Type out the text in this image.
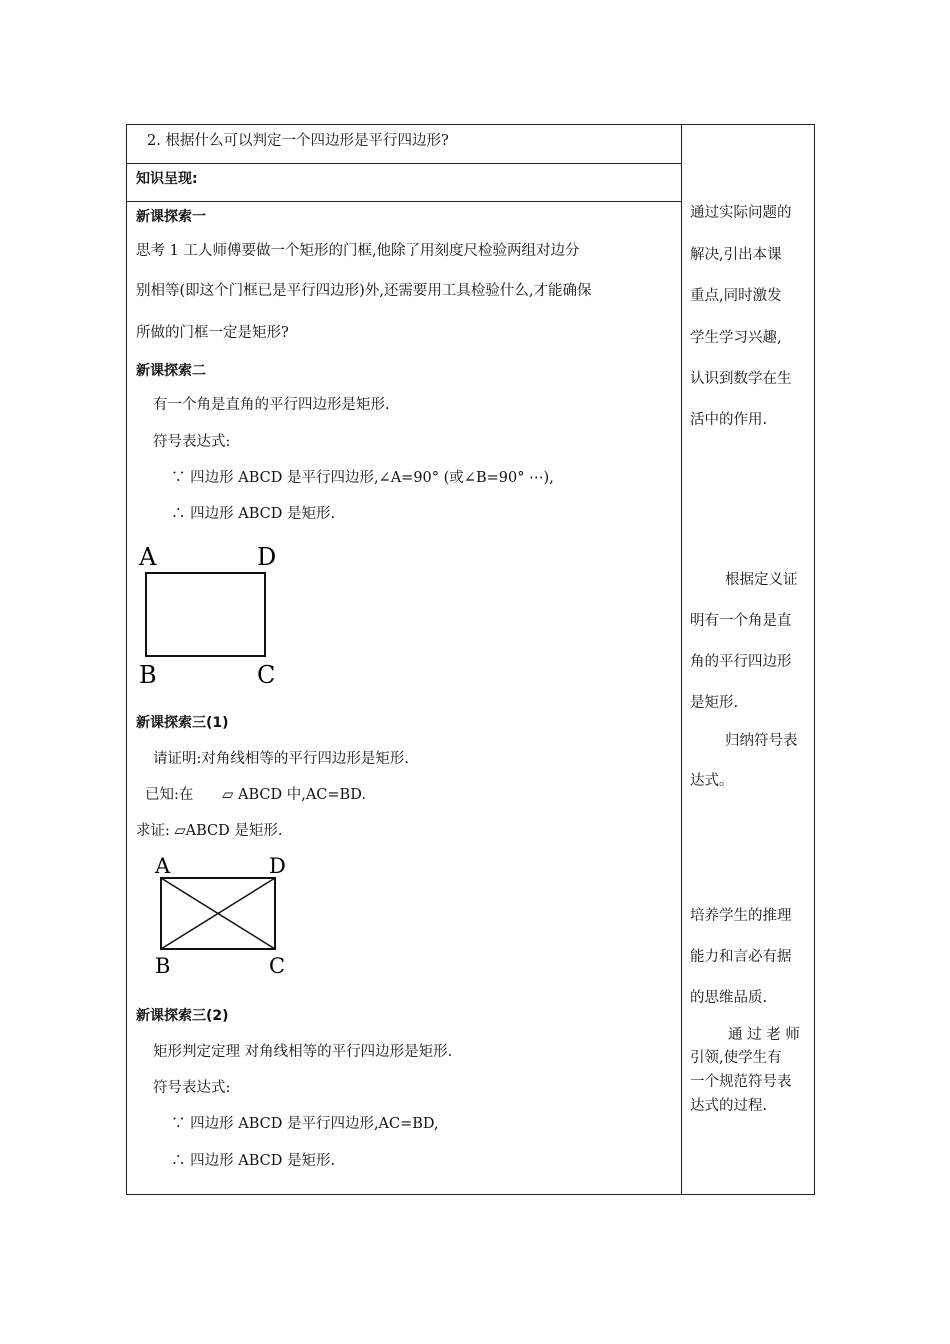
2. 根据什么可以判定一个四边形是平行四边形?
知识呈现:
新课探索一
思考 1 工人师傅要做一个矩形的门框,他除了用刻度尺检验两组对边分
别相等(即这个门框已是平行四边形)外,还需要用工具检验什么,才能确保
所做的门框一定是矩形?
新课探索二
有一个角是直角的平行四边形是矩形.
符号表达式:
∵ 四边形 ABCD 是平行四边形,∠A=90° (或∠B=90° ⋯),
∴ 四边形 ABCD 是矩形.
A	D
B	C
新课探索三(1)
请证明:对角线相等的平行四边形是矩形.
已知:在 ▱ ABCD 中,AC=BD.
求证: ▱ABCD 是矩形.
A	D
B	C
新课探索三(2)
矩形判定定理 对角线相等的平行四边形是矩形.
符号表达式:
∵ 四边形 ABCD 是平行四边形,AC=BD,
∴ 四边形 ABCD 是矩形.
通过实际问题的
解决,引出本课
重点,同时激发
学生学习兴趣,
认识到数学在生
活中的作用.
根据定义证
明有一个角是直
角的平行四边形
是矩形.
归纳符号表
达式。
培养学生的推理
能力和言必有据
的思维品质.
通 过 老 师
引领,使学生有
一个规范符号表
达式的过程.
